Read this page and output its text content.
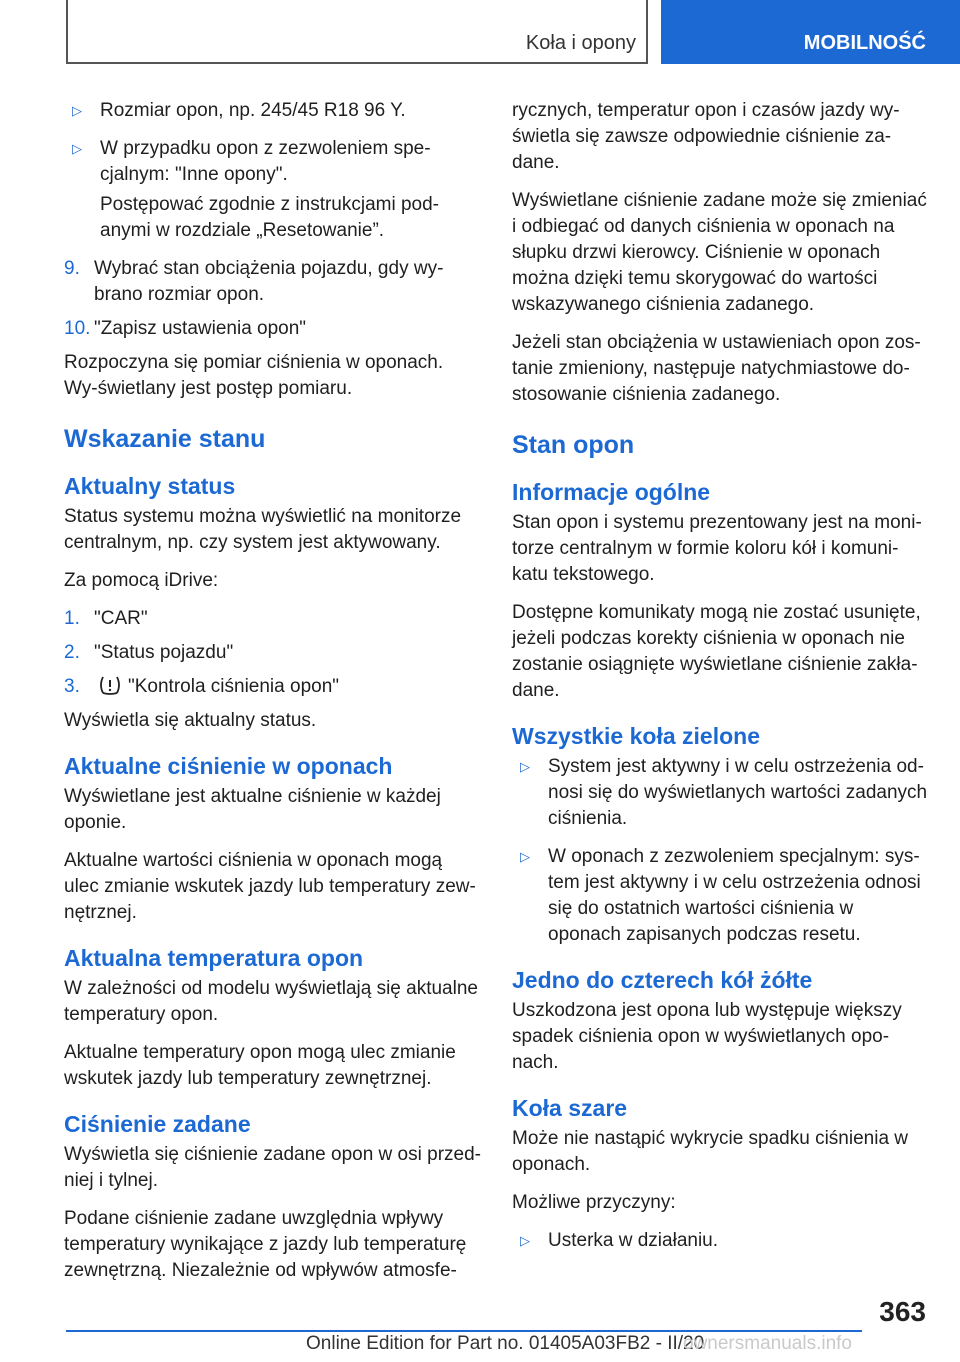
Koła i opony	MOBILNOŚĆ
▷ Rozmiar opon, np. 245/45 R18 96 Y.
▷ W przypadku opon z zezwoleniem spe‐cjalnym: "Inne opony".

Postępować zgodnie z instrukcjami pod‐anymi w rozdziale „Resetowanie”.

9. Wybrać stan obciążenia pojazdu, gdy wy‐brano rozmiar opon.
10. "Zapisz ustawienia opon"

Rozpoczyna się pomiar ciśnienia w oponach. Wy‐świetlany jest postęp pomiaru.

Wskazanie stanu
Aktualny status

Status systemu można wyświetlić na monitorze centralnym, np. czy system jest aktywowany.

Za pomocą iDrive:

1. "CAR"
2. "Status pojazdu"
3.	"Kontrola ciśnienia opon"

Wyświetla się aktualny status.

Aktualne ciśnienie w oponach

Wyświetlane jest aktualne ciśnienie w każdej oponie.

Aktualne wartości ciśnienia w oponach mogą ulec zmianie wskutek jazdy lub temperatury zew‐nętrznej.

Aktualna temperatura opon

W zależności od modelu wyświetlają się aktualne temperatury opon.

Aktualne temperatury opon mogą ulec zmianie wskutek jazdy lub temperatury zewnętrznej.

Ciśnienie zadane

Wyświetla się ciśnienie zadane opon w osi przed‐niej i tylnej.

Podane ciśnienie zadane uwzględnia wpływy temperatury wynikające z jazdy lub temperaturę zewnętrzną. Niezależnie od wpływów atmosfe‐

rycznych, temperatur opon i czasów jazdy wy‐świetla się zawsze odpowiednie ciśnienie za‐dane.

Wyświetlane ciśnienie zadane może się zmieniać i odbiegać od danych ciśnienia w oponach na słupku drzwi kierowcy. Ciśnienie w oponach można dzięki temu skorygować do wartości wskazywanego ciśnienia zadanego.

Jeżeli stan obciążenia w ustawieniach opon zos‐tanie zmieniony, następuje natychmiastowe do‐stosowanie ciśnienia zadanego.

Stan opon
Informacje ogólne

Stan opon i systemu prezentowany jest na moni‐torze centralnym w formie koloru kół i komuni‐katu tekstowego.

Dostępne komunikaty mogą nie zostać usunięte, jeżeli podczas korekty ciśnienia w oponach nie zostanie osiągnięte wyświetlane ciśnienie zakła‐dane.

Wszystkie koła zielone
▷ System jest aktywny i w celu ostrzeżenia od‐nosi się do wyświetlanych wartości zadanych ciśnienia.
▷ W oponach z zezwoleniem specjalnym: sys‐tem jest aktywny i w celu ostrzeżenia odnosi się do ostatnich wartości ciśnienia w oponach zapisanych podczas resetu.
Jedno do czterech kół żółte

Uszkodzona jest opona lub występuje większy spadek ciśnienia opon w wyświetlanych opo‐nach.

Koła szare

Może nie nastąpić wykrycie spadku ciśnienia w oponach.

Możliwe przyczyny:

▷ Usterka w działaniu.
363
Online Edition for Part no. 01405A03FB2 - II/20
ownersmanuals.info
